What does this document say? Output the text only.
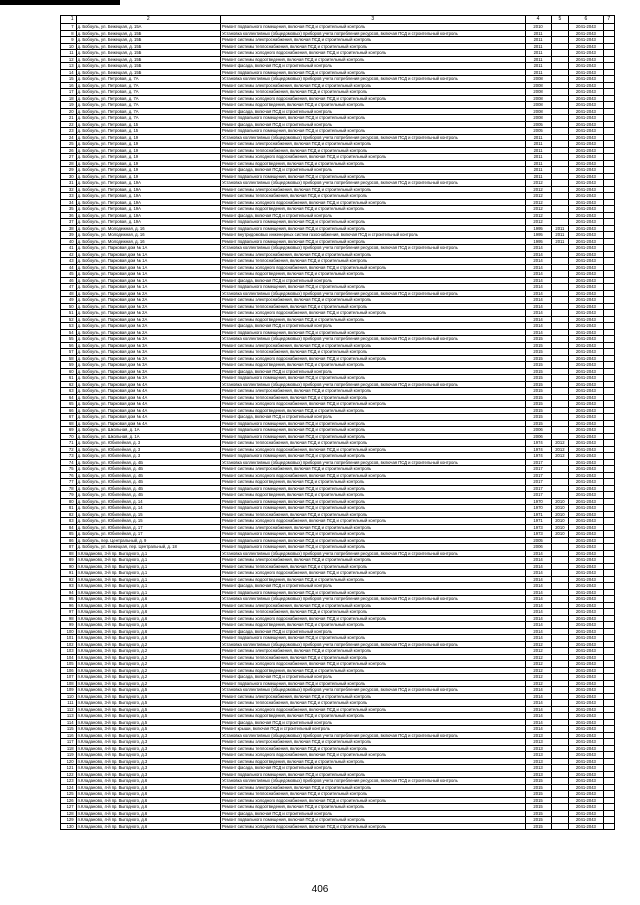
1	2	3	4	5	6	7
7	д. Бобоуль, ул. Бежецкая, д. 15А	Ремонт подвального помещения, включая ПСД и строительный контроль	2010		2041-2043	
8	д. Бобоуль, ул. Бежецкая, д. 15Б	Установка коллективных (общедомовых) приборов учета потребления ресурсов, включая ПСД и строительный контроль	2011		2041-2043	
9	д. Бобоуль, ул. Бежецкая, д. 15Б	Ремонт системы электроснабжения, включая ПСД и строительный контроль	2011		2041-2043	
10	д. Бобоуль, ул. Бежецкая, д. 15Б	Ремонт системы теплоснабжения, включая ПСД и строительный контроль	2011		2041-2043	
11	д. Бобоуль, ул. Бежецкая, д. 15Б	Ремонт системы холодного водоснабжения, включая ПСД и строительный контроль	2011		2041-2043	
12	д. Бобоуль, ул. Бежецкая, д. 15Б	Ремонт системы водоотведения, включая ПСД и строительный контроль	2011		2041-2043	
13	д. Бобоуль, ул. Бежецкая, д. 15Б	Ремонт фасада, включая ПСД и строительный контроль	2011		2041-2043	
14	д. Бобоуль, ул. Бежецкая, д. 15Б	Ремонт подвального помещения, включая ПСД и строительный контроль	2011		2041-2043	
15	д. Бобоуль, ул. Петровая, д. 7А	Установка коллективных (общедомовых) приборов учета потребления ресурсов, включая ПСД и строительный контроль	2008		2041-2043	
16	д. Бобоуль, ул. Петровая, д. 7А	Ремонт системы электроснабжения, включая ПСД и строительный контроль	2008		2041-2043	
17	д. Бобоуль, ул. Петровая, д. 7А	Ремонт системы теплоснабжения, включая ПСД и строительный контроль	2008		2041-2043	
18	д. Бобоуль, ул. Петровая, д. 7А	Ремонт системы холодного водоснабжения, включая ПСД и строительный контроль	2008		2041-2043	
19	д. Бобоуль, ул. Петровая, д. 7А	Ремонт системы водоотведения, включая ПСД и строительный контроль	2008		2041-2043	
20	д. Бобоуль, ул. Петровая, д. 7А	Ремонт фасада, включая ПСД и строительный контроль	2008		2041-2043	
21	д. Бобоуль, ул. Петровая, д. 7А	Ремонт подвального помещения, включая ПСД и строительный контроль	2008		2041-2043	
22	д. Бобоуль, ул. Петровая, д. 15	Ремонт фасада, включая ПСД и строительный контроль	2005		2041-2043	
23	д. Бобоуль, ул. Петровая, д. 15	Ремонт подвального помещения, включая ПСД и строительный контроль	2005		2041-2043	
24	д. Бобоуль, ул. Петровая, д. 19	Установка коллективных (общедомовых) приборов учета потребления ресурсов, включая ПСД и строительный контроль	2011		2041-2043	
25	д. Бобоуль, ул. Петровая, д. 19	Ремонт системы электроснабжения, включая ПСД и строительный контроль	2011		2041-2043	
26	д. Бобоуль, ул. Петровая, д. 19	Ремонт системы теплоснабжения, включая ПСД и строительный контроль	2011		2041-2043	
27	д. Бобоуль, ул. Петровая, д. 19	Ремонт системы холодного водоснабжения, включая ПСД и строительный контроль	2011		2041-2043	
28	д. Бобоуль, ул. Петровая, д. 19	Ремонт системы водоотведения, включая ПСД и строительный контроль	2011		2041-2043	
29	д. Бобоуль, ул. Петровая, д. 19	Ремонт фасада, включая ПСД и строительный контроль	2011		2041-2043	
30	д. Бобоуль, ул. Петровая, д. 19	Ремонт подвального помещения, включая ПСД и строительный контроль	2011		2041-2043	
31	д. Бобоуль, ул. Петровая, д. 19А	Установка коллективных (общедомовых) приборов учета потребления ресурсов, включая ПСД и строительный контроль	2012		2041-2043	
32	д. Бобоуль, ул. Петровая, д. 19А	Ремонт системы электроснабжения, включая ПСД и строительный контроль	2012		2041-2043	
33	д. Бобоуль, ул. Петровая, д. 19А	Ремонт системы теплоснабжения, включая ПСД и строительный контроль	2012		2041-2043	
34	д. Бобоуль, ул. Петровая, д. 19А	Ремонт системы холодного водоснабжения, включая ПСД и строительный контроль	2012		2041-2043	
35	д. Бобоуль, ул. Петровая, д. 19А	Ремонт системы водоотведения, включая ПСД и строительный контроль	2012		2041-2043	
36	д. Бобоуль, ул. Петровая, д. 19А	Ремонт фасада, включая ПСД и строительный контроль	2012		2041-2043	
37	д. Бобоуль, ул. Петровая, д. 19А	Ремонт подвального помещения, включая ПСД и строительный контроль	2012		2041-2043	
38	д. Бобоуль, ул. Молодежная, д. 16	Ремонт подвального помещения, включая ПСД и строительный контроль	1995	2011	2041-2043	
39	д. Бобоуль, ул. Молодежная, д. 16	Ремонт внутридомовых инженерных систем газоснабжения, включая ПСД и строительный контроль	1995	2011	2041-2043	
40	д. Бобоуль, ул. Молодежная, д. 16	Ремонт подвального помещения, включая ПСД и строительный контроль	1995	2011	2041-2043	
41	д. Бобоуль, ул. Парковая дом № 1А	Установка коллективных (общедомовых) приборов учета потребления ресурсов, включая ПСД и строительный контроль	2014		2041-2043	
42	д. Бобоуль, ул. Парковая дом № 1А	Ремонт системы электроснабжения, включая ПСД и строительный контроль	2014		2041-2043	
43	д. Бобоуль, ул. Парковая дом № 1А	Ремонт системы теплоснабжения, включая ПСД и строительный контроль	2014		2041-2043	
44	д. Бобоуль, ул. Парковая дом № 1А	Ремонт системы холодного водоснабжения, включая ПСД и строительный контроль	2014		2041-2043	
45	д. Бобоуль, ул. Парковая дом № 1А	Ремонт системы водоотведения, включая ПСД и строительный контроль	2014		2041-2043	
46	д. Бобоуль, ул. Парковая дом № 1А	Ремонт фасада, включая ПСД и строительный контроль	2014		2041-2043	
47	д. Бобоуль, ул. Парковая дом № 1А	Ремонт подвального помещения, включая ПСД и строительный контроль	2014		2041-2043	
48	д. Бобоуль, ул. Парковая дом № 2А	Установка коллективных (общедомовых) приборов учета потребления ресурсов, включая ПСД и строительный контроль	2014		2041-2043	
49	д. Бобоуль, ул. Парковая дом № 2А	Ремонт системы электроснабжения, включая ПСД и строительный контроль	2014		2041-2043	
50	д. Бобоуль, ул. Парковая дом № 2А	Ремонт системы теплоснабжения, включая ПСД и строительный контроль	2014		2041-2043	
51	д. Бобоуль, ул. Парковая дом № 2А	Ремонт системы холодного водоснабжения, включая ПСД и строительный контроль	2014		2041-2043	
52	д. Бобоуль, ул. Парковая дом № 2А	Ремонт системы водоотведения, включая ПСД и строительный контроль	2014		2041-2043	
53	д. Бобоуль, ул. Парковая дом № 2А	Ремонт фасада, включая ПСД и строительный контроль	2014		2041-2043	
54	д. Бобоуль, ул. Парковая дом № 2А	Ремонт подвального помещения, включая ПСД и строительный контроль	2014		2041-2043	
55	д. Бобоуль, ул. Парковая дом № 3А	Установка коллективных (общедомовых) приборов учета потребления ресурсов, включая ПСД и строительный контроль	2015		2041-2043	
56	д. Бобоуль, ул. Парковая дом № 3А	Ремонт системы электроснабжения, включая ПСД и строительный контроль	2015		2041-2043	
57	д. Бобоуль, ул. Парковая дом № 3А	Ремонт системы теплоснабжения, включая ПСД и строительный контроль	2015		2041-2043	
58	д. Бобоуль, ул. Парковая дом № 3А	Ремонт системы холодного водоснабжения, включая ПСД и строительный контроль	2015		2041-2043	
59	д. Бобоуль, ул. Парковая дом № 3А	Ремонт системы водоотведения, включая ПСД и строительный контроль	2015		2041-2043	
60	д. Бобоуль, ул. Парковая дом № 3А	Ремонт фасада, включая ПСД и строительный контроль	2015		2041-2043	
61	д. Бобоуль, ул. Парковая дом № 3А	Ремонт подвального помещения, включая ПСД и строительный контроль	2015		2041-2043	
62	д. Бобоуль, ул. Парковая дом № 4А	Установка коллективных (общедомовых) приборов учета потребления ресурсов, включая ПСД и строительный контроль	2015		2041-2043	
63	д. Бобоуль, ул. Парковая дом № 4А	Ремонт системы электроснабжения, включая ПСД и строительный контроль	2015		2041-2043	
64	д. Бобоуль, ул. Парковая дом № 4А	Ремонт системы теплоснабжения, включая ПСД и строительный контроль	2015		2041-2043	
65	д. Бобоуль, ул. Парковая дом № 4А	Ремонт системы холодного водоснабжения, включая ПСД и строительный контроль	2015		2041-2043	
66	д. Бобоуль, ул. Парковая дом № 4А	Ремонт системы водоотведения, включая ПСД и строительный контроль	2015		2041-2043	
67	д. Бобоуль, ул. Парковая дом № 4А	Ремонт фасада, включая ПСД и строительный контроль	2015		2041-2043	
68	д. Бобоуль, ул. Парковая дом № 4А	Ремонт подвального помещения, включая ПСД и строительный контроль	2015		2041-2043	
69	д. Бобоуль, ул. Школьная, д. 1А	Ремонт подвального помещения, включая ПСД и строительный контроль	2006		2041-2043	
70	д. Бобоуль, ул. Школьная, д. 1А	Ремонт подвального помещения, включая ПСД и строительный контроль	2006		2041-2043	
71	д. Бобоуль, ул. Юбилейная, д. 3	Ремонт системы теплоснабжения, включая ПСД и строительный контроль	1974	2012	2041-2043	
72	д. Бобоуль, ул. Юбилейная, д. 3	Ремонт системы холодного водоснабжения, включая ПСД и строительный контроль	1974	2012	2041-2043	
73	д. Бобоуль, ул. Юбилейная, д. 3	Ремонт подвального помещения, включая ПСД и строительный контроль	1974	2012	2041-2043	
74	д. Бобоуль, ул. Юбилейная, д. 4Б	Установка коллективных (общедомовых) приборов учета потребления ресурсов, включая ПСД и строительный контроль	2017		2041-2043	
75	д. Бобоуль, ул. Юбилейная, д. 4Б	Ремонт системы электроснабжения, включая ПСД и строительный контроль	2017		2041-2043	
76	д. Бобоуль, ул. Юбилейная, д. 4Б	Ремонт системы холодного водоснабжения, включая ПСД и строительный контроль	2017		2041-2043	
77	д. Бобоуль, ул. Юбилейная, д. 4Б	Ремонт системы водоотведения, включая ПСД и строительный контроль	2017		2041-2043	
78	д. Бобоуль, ул. Юбилейная, д. 4Б	Ремонт подвального помещения, включая ПСД и строительный контроль	2017		2041-2043	
79	д. Бобоуль, ул. Юбилейная, д. 4Б	Ремонт системы водоотведения, включая ПСД и строительный контроль	2017		2041-2043	
80	д. Бобоуль, ул. Юбилейная, д. 14	Ремонт подвального помещения, включая ПСД и строительный контроль	1970	2010	2041-2043	
81	д. Бобоуль, ул. Юбилейная, д. 14	Ремонт подвального помещения, включая ПСД и строительный контроль	1970	2010	2041-2043	
82	д. Бобоуль, ул. Юбилейная, д. 15	Ремонт системы теплоснабжения, включая ПСД и строительный контроль	1971	2010	2041-2043	
83	д. Бобоуль, ул. Юбилейная, д. 15	Ремонт системы холодного водоснабжения, включая ПСД и строительный контроль	1971	2010	2041-2043	
84	д. Бобоуль, ул. Юбилейная, д. 17	Ремонт системы электроснабжения, включая ПСД и строительный контроль	1973	2010	2041-2043	
85	д. Бобоуль, ул. Юбилейная, д. 17	Ремонт подвального помещения, включая ПСД и строительный контроль	1973	2010	2041-2043	
86	д. Бобоуль, пер. Центральный, д. 9	Ремонт подвального помещения, включая ПСД и строительный контроль	2005		2041-2043	
87	д. Бобоуль, ул. Бежецкая, пер. Центральный, д. 18	Ремонт подвального помещения, включая ПСД и строительный контроль	2006		2041-2043	
88	п.Кладаново, 3-й пр. Выгодного, д.1	Установка коллективных (общедомовых) приборов учета потребления ресурсов, включая ПСД и строительный контроль	2014		2041-2043	
89	п.Кладаново, 3-й пр. Выгодного, д.1	Ремонт системы электроснабжения, включая ПСД и строительный контроль	2014		2041-2043	
90	п.Кладаново, 3-й пр. Выгодного, д.1	Ремонт системы теплоснабжения, включая ПСД и строительный контроль	2014		2041-2043	
91	п.Кладаново, 3-й пр. Выгодного, д.1	Ремонт системы холодного водоснабжения, включая ПСД и строительный контроль	2014		2041-2043	
92	п.Кладаново, 3-й пр. Выгодного, д.1	Ремонт системы водоотведения, включая ПСД и строительный контроль	2014		2041-2043	
93	п.Кладаново, 3-й пр. Выгодного, д.1	Ремонт фасада, включая ПСД и строительный контроль	2014		2041-2043	
94	п.Кладаново, 3-й пр. Выгодного, д.1	Ремонт подвального помещения, включая ПСД и строительный контроль	2014		2041-2043	
95	п.Кладаново, 3-й пр. Выгодного, д.6	Установка коллективных (общедомовых) приборов учета потребления ресурсов, включая ПСД и строительный контроль	2014		2041-2043	
96	п.Кладаново, 3-й пр. Выгодного, д.6	Ремонт системы электроснабжения, включая ПСД и строительный контроль	2014		2041-2043	
97	п.Кладаново, 3-й пр. Выгодного, д.6	Ремонт системы теплоснабжения, включая ПСД и строительный контроль	2014		2041-2043	
98	п.Кладаново, 3-й пр. Выгодного, д.6	Ремонт системы холодного водоснабжения, включая ПСД и строительный контроль	2014		2041-2043	
99	п.Кладаново, 3-й пр. Выгодного, д.6	Ремонт системы водоотведения, включая ПСД и строительный контроль	2014		2041-2043	
100	п.Кладаново, 3-й пр. Выгодного, д.6	Ремонт фасада, включая ПСД и строительный контроль	2014		2041-2043	
101	п.Кладаново, 3-й пр. Выгодного, д.6	Ремонт подвального помещения, включая ПСД и строительный контроль	2014		2041-2043	
102	п.Кладаново, 3-й пр. Выгодного, д.2	Установка коллективных (общедомовых) приборов учета потребления ресурсов, включая ПСД и строительный контроль	2012		2041-2043	
103	п.Кладаново, 3-й пр. Выгодного, д.2	Ремонт системы электроснабжения, включая ПСД и строительный контроль	2012		2041-2043	
104	п.Кладаново, 3-й пр. Выгодного, д.2	Ремонт системы теплоснабжения, включая ПСД и строительный контроль	2012		2041-2043	
105	п.Кладаново, 3-й пр. Выгодного, д.2	Ремонт системы холодного водоснабжения, включая ПСД и строительный контроль	2012		2041-2043	
106	п.Кладаново, 3-й пр. Выгодного, д.2	Ремонт системы водоотведения, включая ПСД и строительный контроль	2012		2041-2043	
107	п.Кладаново, 3-й пр. Выгодного, д.2	Ремонт фасада, включая ПСД и строительный контроль	2012		2041-2043	
108	п.Кладаново, 3-й пр. Выгодного, д.2	Ремонт подвального помещения, включая ПСД и строительный контроль	2012		2041-2043	
109	п.Кладаново, 3-й пр. Выгодного, д.5	Установка коллективных (общедомовых) приборов учета потребления ресурсов, включая ПСД и строительный контроль	2014		2041-2043	
110	п.Кладаново, 3-й пр. Выгодного, д.5	Ремонт системы электроснабжения, включая ПСД и строительный контроль	2014		2041-2043	
111	п.Кладаново, 3-й пр. Выгодного, д.5	Ремонт системы теплоснабжения, включая ПСД и строительный контроль	2014		2041-2043	
112	п.Кладаново, 3-й пр. Выгодного, д.5	Ремонт системы холодного водоснабжения, включая ПСД и строительный контроль	2014		2041-2043	
113	п.Кладаново, 3-й пр. Выгодного, д.5	Ремонт системы водоотведения, включая ПСД и строительный контроль	2014		2041-2043	
114	п.Кладаново, 3-й пр. Выгодного, д.5	Ремонт фасада, включая ПСД и строительный контроль	2014		2041-2043	
115	п.Кладаново, 3-й пр. Выгодного, д.5	Ремонт крыши, включая ПСД и строительный контроль	2014		2041-2043	
116	п.Кладаново, 4-й пр. Выгодного, д.3	Установка коллективных (общедомовых) приборов учета потребления ресурсов, включая ПСД и строительный контроль	2013		2041-2043	
117	п.Кладаново, 4-й пр. Выгодного, д.3	Ремонт системы электроснабжения, включая ПСД и строительный контроль	2013		2041-2043	
118	п.Кладаново, 4-й пр. Выгодного, д.3	Ремонт системы теплоснабжения, включая ПСД и строительный контроль	2013		2041-2043	
119	п.Кладаново, 4-й пр. Выгодного, д.3	Ремонт системы холодного водоснабжения, включая ПСД и строительный контроль	2013		2041-2043	
120	п.Кладаново, 4-й пр. Выгодного, д.3	Ремонт системы водоотведения, включая ПСД и строительный контроль	2013		2041-2043	
121	п.Кладаново, 4-й пр. Выгодного, д.3	Ремонт фасада, включая ПСД и строительный контроль	2013		2041-2043	
122	п.Кладаново, 4-й пр. Выгодного, д.3	Ремонт подвального помещения, включая ПСД и строительный контроль	2013		2041-2043	
123	п.Кладаново, 4-й пр. Выгодного, д.6	Установка коллективных (общедомовых) приборов учета потребления ресурсов, включая ПСД и строительный контроль	2015		2041-2043	
124	п.Кладаново, 4-й пр. Выгодного, д.6	Ремонт системы электроснабжения, включая ПСД и строительный контроль	2015		2041-2043	
125	п.Кладаново, 4-й пр. Выгодного, д.6	Ремонт системы теплоснабжения, включая ПСД и строительный контроль	2015		2041-2043	
126	п.Кладаново, 4-й пр. Выгодного, д.6	Ремонт системы холодного водоснабжения, включая ПСД и строительный контроль	2015		2041-2043	
127	п.Кладаново, 4-й пр. Выгодного, д.6	Ремонт системы водоотведения, включая ПСД и строительный контроль	2015		2041-2043	
128	п.Кладаново, 4-й пр. Выгодного, д.6	Ремонт фасада, включая ПСД и строительный контроль	2015		2041-2043	
129	п.Кладаново, 4-й пр. Выгодного, д.6	Ремонт подвального помещения, включая ПСД и строительный контроль	2015		2041-2043	
130	п.Кладаново, 4-й пр. Выгодного, д.6	Ремонт системы холодного водоснабжения, включая ПСД и строительный контроль	2015		2041-2043	
406
